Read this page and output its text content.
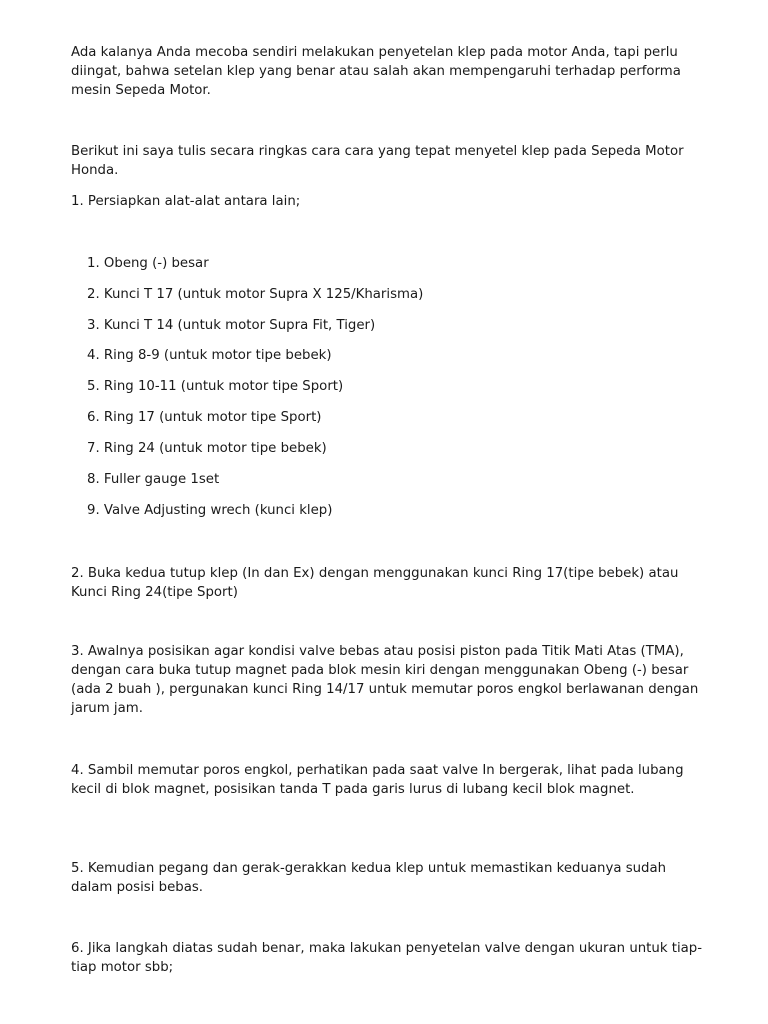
Ada kalanya Anda mecoba sendiri melakukan penyetelan klep pada motor Anda, tapi perlu diingat, bahwa setelan klep yang benar atau salah akan mempengaruhi terhadap performa mesin Sepeda Motor.

Berikut ini saya tulis secara ringkas cara cara yang tepat menyetel klep pada Sepeda Motor Honda.

1. Persiapkan alat-alat antara lain;

1. Obeng (-) besar

2. Kunci T 17 (untuk motor Supra X 125/Kharisma)

3. Kunci T 14 (untuk motor Supra Fit, Tiger)

4. Ring 8-9 (untuk motor tipe bebek)

5. Ring 10-11 (untuk motor tipe Sport)

6. Ring 17 (untuk motor tipe Sport)

7. Ring 24 (untuk motor tipe bebek)

8. Fuller gauge 1set

9. Valve Adjusting wrech (kunci klep)

2. Buka kedua tutup klep (In dan Ex) dengan menggunakan kunci Ring 17(tipe bebek) atau Kunci Ring 24(tipe Sport)

3. Awalnya posisikan agar kondisi valve bebas atau posisi piston pada Titik Mati Atas (TMA), dengan cara buka tutup magnet pada blok mesin kiri dengan menggunakan Obeng (-) besar (ada 2 buah ), pergunakan kunci Ring 14/17 untuk memutar poros engkol berlawanan dengan jarum jam.

4. Sambil memutar poros engkol, perhatikan pada saat valve In bergerak, lihat pada lubang kecil di blok magnet, posisikan tanda T pada garis lurus di lubang kecil blok magnet.

5. Kemudian pegang dan gerak-gerakkan kedua klep untuk memastikan keduanya sudah dalam posisi bebas.

6. Jika langkah diatas sudah benar, maka lakukan penyetelan valve dengan ukuran untuk tiap-tiap motor sbb;
